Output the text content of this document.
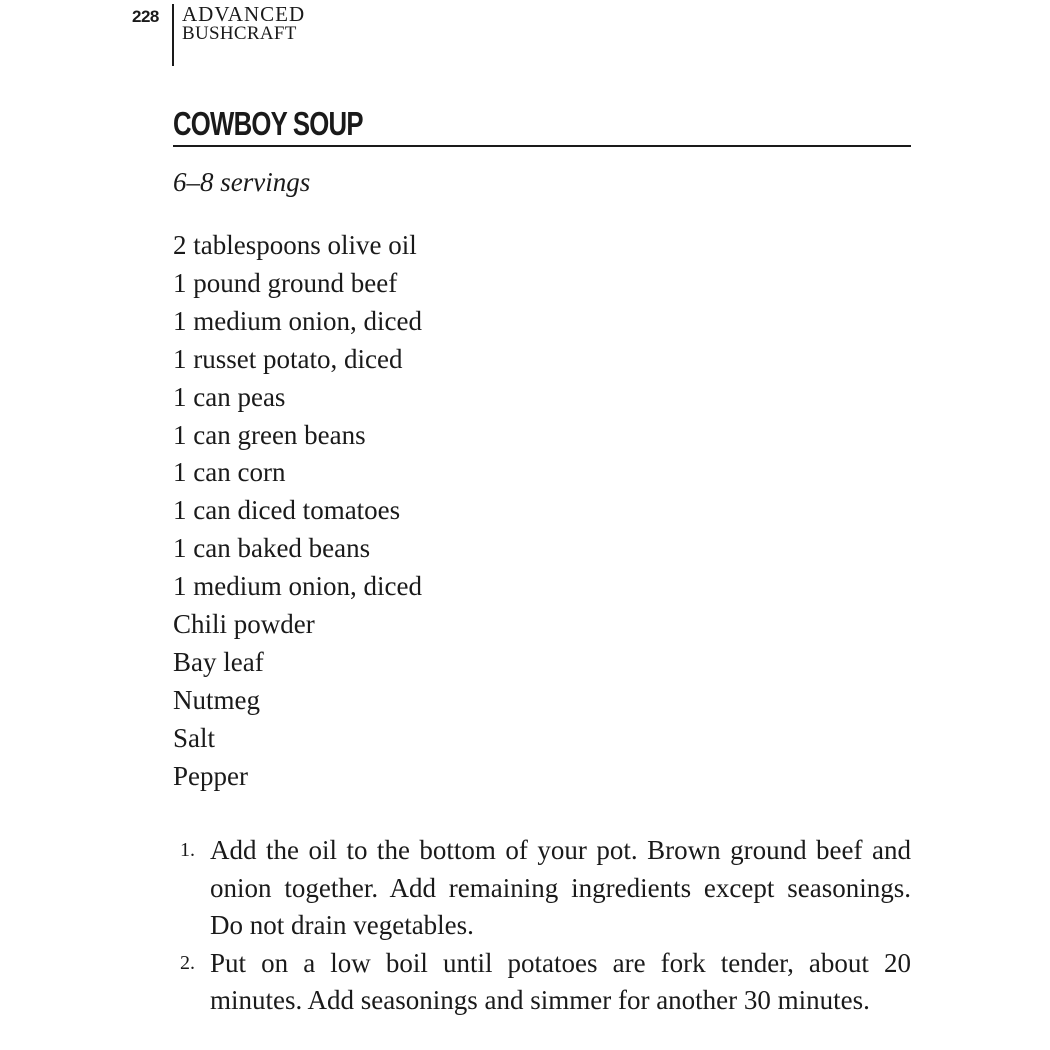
228 ADVANCED
BUSHCRAFT
COWBOY SOUP
6–8 servings
2 tablespoons olive oil
1 pound ground beef
1 medium onion, diced
1 russet potato, diced
1 can peas
1 can green beans
1 can corn
1 can diced tomatoes
1 can baked beans
1 medium onion, diced
Chili powder
Bay leaf
Nutmeg
Salt
Pepper
1. Add the oil to the bottom of your pot. Brown ground beef and onion together. Add remaining ingredients except seasonings. Do not drain vegetables.
2. Put on a low boil until potatoes are fork tender, about 20 minutes. Add seasonings and simmer for another 30 minutes.
